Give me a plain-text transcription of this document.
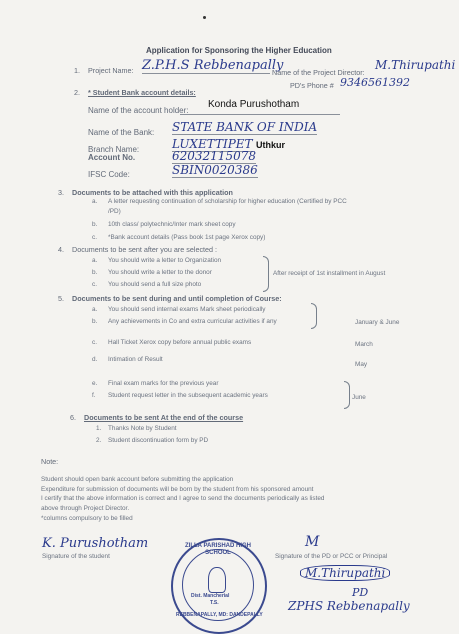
Application for Sponsoring the Higher Education
1. Project Name: Z.P.H.S Rebbenapally
Name of the Project Director:
M.Thirupathi
PD's Phone # 9346561392
2. * Student Bank account details:
Name of the account holder:
Konda Purushotham
Name of the Bank: STATE BANK OF INDIA
Branch Name:	LUXETTIPET Uthkur
Account No.	62032115078
IFSC Code:	SBIN0020386
3. Documents to be attached with this application
a. A letter requesting continuation of scholarship for higher education (Certified by PCC
/PD)
b. 10th class/ polytechnic/Inter mark sheet copy
c. *Bank account details (Pass book 1st page Xerox copy)
4. Documents to be sent after you are selected :
a. You should write a letter to Organization
b. You should write a letter to the donor
c. You should send a full size photo
After receipt of 1st installment in August
5. Documents to be sent during and until completion of Course:
a. You should send internal exams Mark sheet periodically
b. Any achievements in Co and extra curricular activities if any	January & June
c. Hall Ticket Xerox copy before annual public exams	March
d. Intimation of Result
May
e. Final exam marks for the previous year
f. Student request letter in the subsequent academic years	June
6. Documents to be sent At the end of the course
1. Thanks Note by Student
2. Student discontinuation form by PD
Note:
Student should open bank account before submitting the application
Expenditure for submission of documents will be born by the student from his sponsored amount
I certify that the above information is correct and I agree to send the documents periodically as listed
above through Project Director.
*columns compulsory to be filled
K. Purushotham
Signature of the student	Signature of the PD or PCC or Principal
M
M.Thirupathi
PD
ZPHS Rebbenapally
ZILLA PARISHAD HIGH SCHOOL
Dist. Mancherial
T.S.
REBBENAPALLY, MD: DANDEPALLY
